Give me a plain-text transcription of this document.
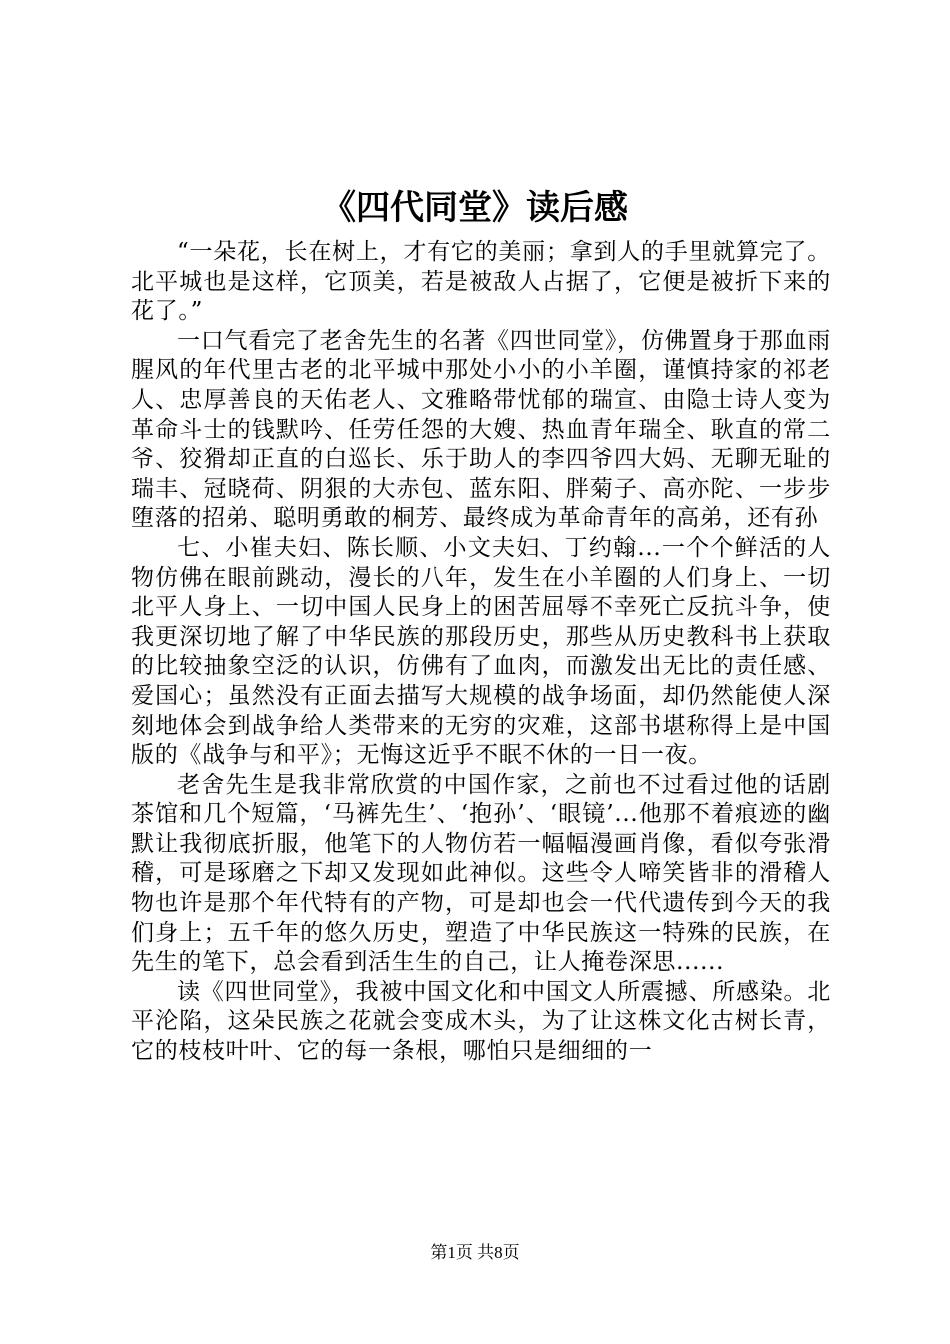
《四代同堂》读后感

“一朵花，长在树上，才有它的美丽；拿到人的手里就算完了。北平城也是这样，它顶美，若是被敌人占据了，它便是被折下来的花了。”

一口气看完了老舍先生的名著《四世同堂》，仿佛置身于那血雨腥风的年代里古老的北平城中那处小小的小羊圈，谨慎持家的祁老人、忠厚善良的天佑老人、文雅略带忧郁的瑞宣、由隐士诗人变为革命斗士的钱默吟、任劳任怨的大嫂、热血青年瑞全、耿直的常二爷、狡猾却正直的白巡长、乐于助人的李四爷四大妈、无聊无耻的瑞丰、冠晓荷、阴狠的大赤包、蓝东阳、胖菊子、高亦陀、一步步堕落的招弟、聪明勇敢的桐芳、最终成为革命青年的高弟，还有孙

七、小崔夫妇、陈长顺、小文夫妇、丁约翰...一个个鲜活的人物仿佛在眼前跳动，漫长的八年，发生在小羊圈的人们身上、一切北平人身上、一切中国人民身上的困苦屈辱不幸死亡反抗斗争，使我更深切地了解了中华民族的那段历史，那些从历史教科书上获取的比较抽象空泛的认识，仿佛有了血肉，而激发出无比的责任感、爱国心；虽然没有正面去描写大规模的战争场面，却仍然能使人深刻地体会到战争给人类带来的无穷的灾难，这部书堪称得上是中国版的《战争与和平》；无悔这近乎不眠不休的一日一夜。

老舍先生是我非常欣赏的中国作家，之前也不过看过他的话剧茶馆和几个短篇，‘马裤先生’、‘抱孙’、‘眼镜’...他那不着痕迹的幽默让我彻底折服，他笔下的人物仿若一幅幅漫画肖像，看似夸张滑稽，可是琢磨之下却又发现如此神似。这些令人啼笑皆非的滑稽人物也许是那个年代特有的产物，可是却也会一代代遗传到今天的我们身上；五千年的悠久历史，塑造了中华民族这一特殊的民族，在先生的笔下，总会看到活生生的自己，让人掩卷深思......

读《四世同堂》，我被中国文化和中国文人所震撼、所感染。北平沦陷，这朵民族之花就会变成木头，为了让这株文化古树长青，它的枝枝叶叶、它的每一条根，哪怕只是细细的一

第1页 共8页
